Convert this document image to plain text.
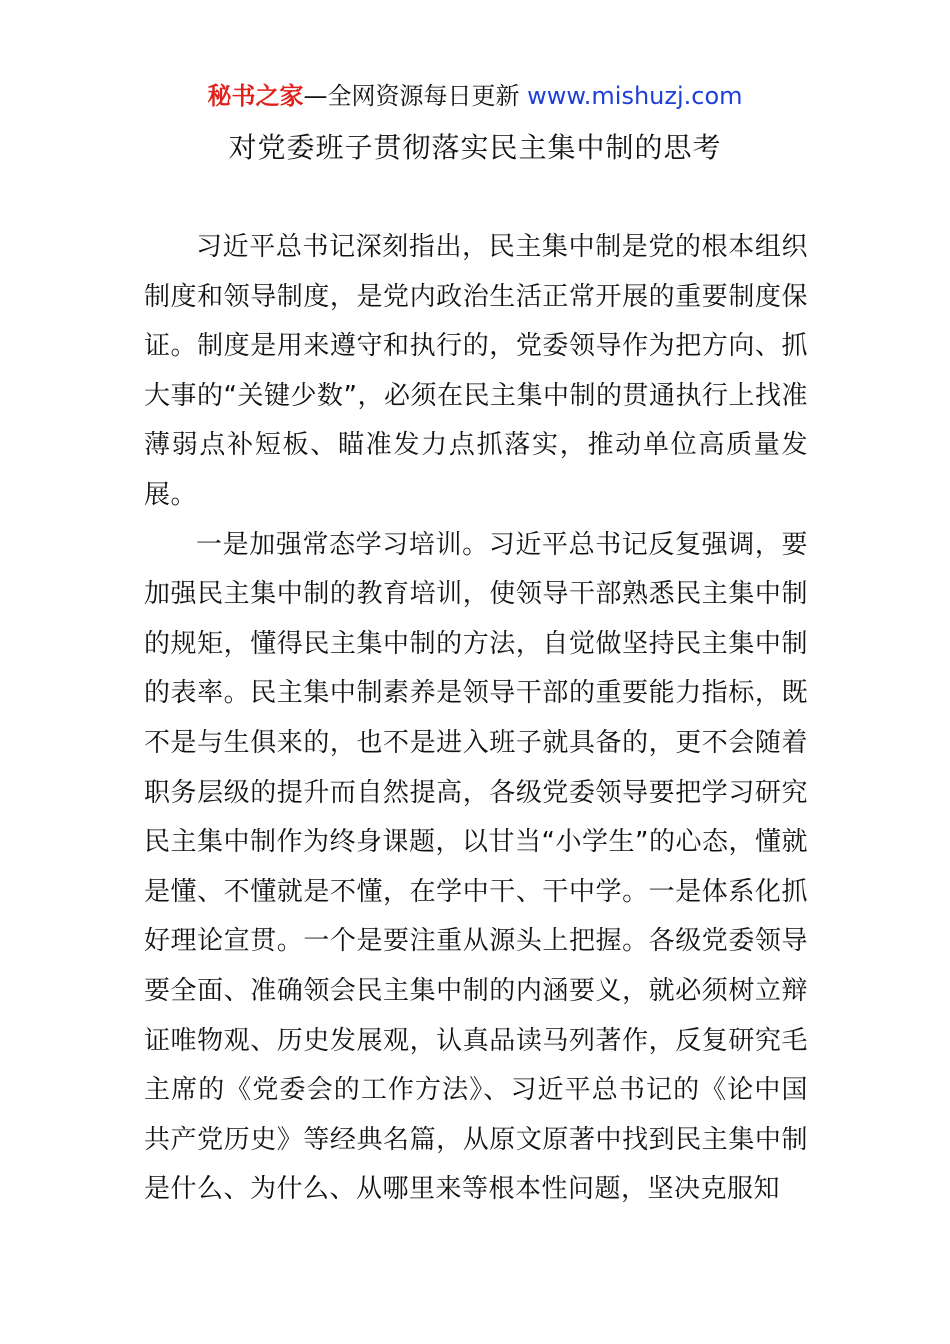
秘书之家—全网资源每日更新 www.mishuzj.com
对党委班子贯彻落实民主集中制的思考

习近平总书记深刻指出，民主集中制是党的根本组织制度和领导制度，是党内政治生活正常开展的重要制度保证。制度是用来遵守和执行的，党委领导作为把方向、抓大事的“关键少数”，必须在民主集中制的贯通执行上找准薄弱点补短板、瞄准发力点抓落实，推动单位高质量发展。

一是加强常态学习培训。习近平总书记反复强调，要加强民主集中制的教育培训，使领导干部熟悉民主集中制的规矩，懂得民主集中制的方法，自觉做坚持民主集中制的表率。民主集中制素养是领导干部的重要能力指标，既不是与生俱来的，也不是进入班子就具备的，更不会随着职务层级的提升而自然提高，各级党委领导要把学习研究民主集中制作为终身课题，以甘当“小学生”的心态，懂就是懂、不懂就是不懂，在学中干、干中学。一是体系化抓好理论宣贯。一个是要注重从源头上把握。各级党委领导要全面、准确领会民主集中制的内涵要义，就必须树立辩证唯物观、历史发展观，认真品读马列著作，反复研究毛主席的《党委会的工作方法》、习近平总书记的《论中国共产党历史》等经典名篇，从原文原著中找到民主集中制是什么、为什么、从哪里来等根本性问题，坚决克服知
